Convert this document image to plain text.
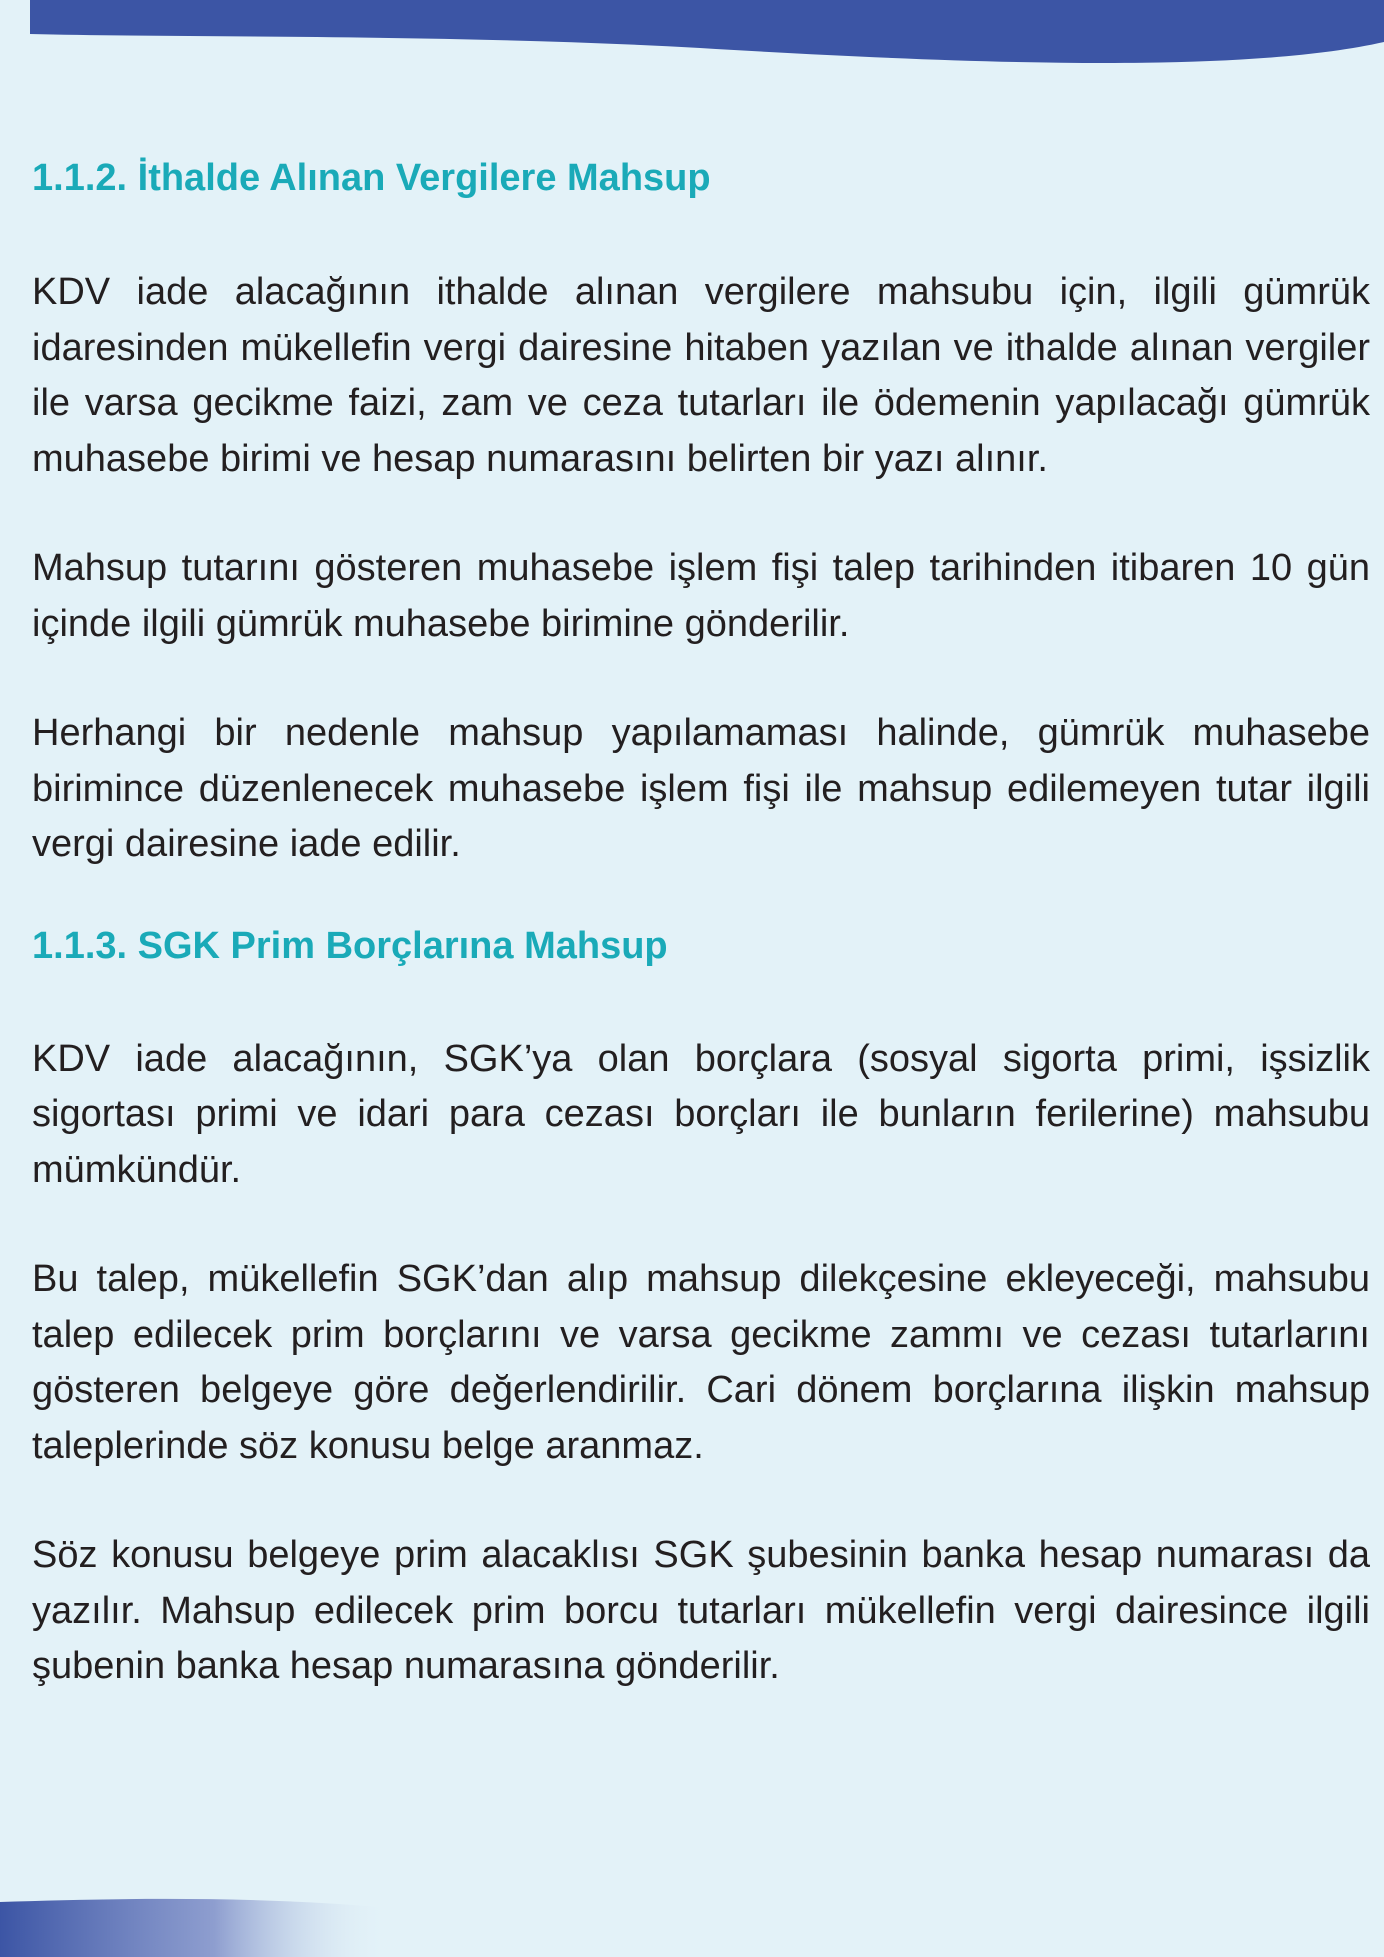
1.1.2. İthalde Alınan Vergilere Mahsup

KDV iade alacağının ithalde alınan vergilere mahsubu için, ilgili gümrük idaresinden mükellefin vergi dairesine hitaben yazılan ve ithalde alınan vergiler ile varsa gecikme faizi, zam ve ceza tutarları ile ödemenin yapılacağı gümrük muhasebe birimi ve hesap numarasını belirten bir yazı alınır.

Mahsup tutarını gösteren muhasebe işlem fişi talep tarihinden itibaren 10 gün içinde ilgili gümrük muhasebe birimine gönderilir.

Herhangi bir nedenle mahsup yapılamaması halinde, gümrük muhasebe birimince düzenlenecek muhasebe işlem fişi ile mahsup edilemeyen tutar ilgili vergi dairesine iade edilir.

1.1.3. SGK Prim Borçlarına Mahsup

KDV iade alacağının, SGK’ya olan borçlara (sosyal sigorta primi, işsizlik sigortası primi ve idari para cezası borçları ile bunların ferilerine) mahsubu mümkündür.

Bu talep, mükellefin SGK’dan alıp mahsup dilekçesine ekleyeceği, mahsubu talep edilecek prim borçlarını ve varsa gecikme zammı ve cezası tutarlarını gösteren belgeye göre değerlendirilir. Cari dönem borçlarına ilişkin mahsup taleplerinde söz konusu belge aranmaz.

Söz konusu belgeye prim alacaklısı SGK şubesinin banka hesap numarası da yazılır. Mahsup edilecek prim borcu tutarları mükellefin vergi dairesince ilgili şubenin banka hesap numarasına gönderilir.
